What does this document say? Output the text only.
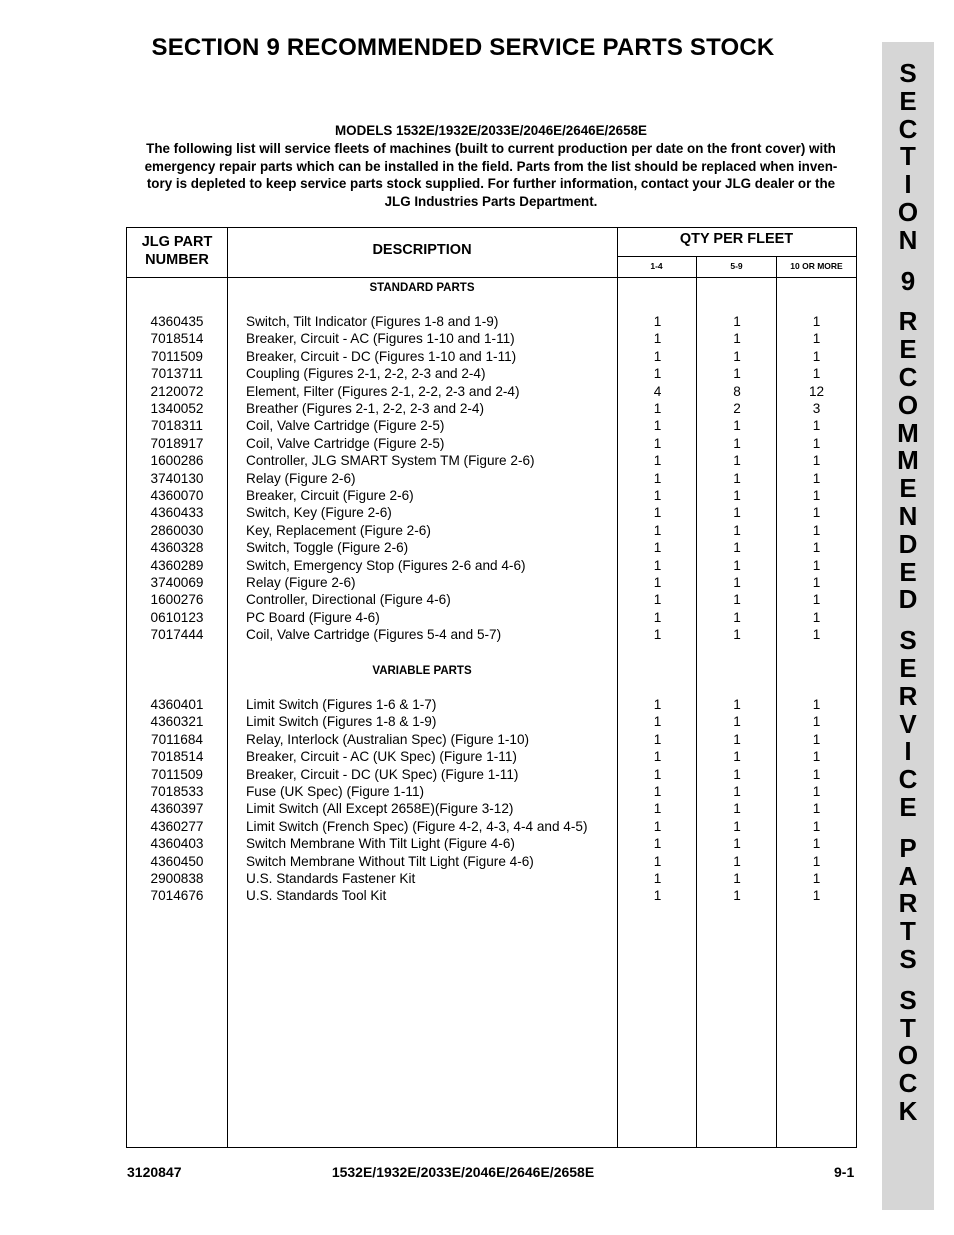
SECTION 9 RECOMMENDED SERVICE PARTS STOCK
S
E
C
T
I
O
N
9
R
E
C
O
M
M
E
N
D
E
D
S
E
R
V
I
C
E
P
A
R
T
S
S
T
O
C
K
MODELS 1532E/1932E/2033E/2046E/2646E/2658E
The following list will service fleets of machines (built to current production per date on the front cover) with
emergency repair parts which can be installed in the field. Parts from the list should be replaced when inven-
tory is depleted to keep service parts stock supplied. For further information, contact your JLG dealer or the
JLG Industries Parts Department.
JLG PART
NUMBER
DESCRIPTION
QTY PER FLEET
1-4	5-9	10 OR MORE
STANDARD PARTS
VARIABLE PARTS
4360435	Switch, Tilt Indicator (Figures 1-8 and 1-9)	1	1	1
7018514	Breaker, Circuit - AC (Figures 1-10 and 1-11)	1	1	1
7011509	Breaker, Circuit - DC (Figures 1-10 and 1-11)	1	1	1
7013711	Coupling (Figures 2-1, 2-2, 2-3 and 2-4)	1	1	1
2120072	Element, Filter (Figures 2-1, 2-2, 2-3 and 2-4)	4	8	12
1340052	Breather (Figures 2-1, 2-2, 2-3 and 2-4)	1	2	3
7018311	Coil, Valve Cartridge (Figure 2-5)	1	1	1
7018917	Coil, Valve Cartridge (Figure 2-5)	1	1	1
1600286	Controller, JLG SMART System TM (Figure 2-6)	1	1	1
3740130	Relay (Figure 2-6)	1	1	1
4360070	Breaker, Circuit (Figure 2-6)	1	1	1
4360433	Switch, Key (Figure 2-6)	1	1	1
2860030	Key, Replacement (Figure 2-6)	1	1	1
4360328	Switch, Toggle (Figure 2-6)	1	1	1
4360289	Switch, Emergency Stop (Figures 2-6 and 4-6)	1	1	1
3740069	Relay (Figure 2-6)	1	1	1
1600276	Controller, Directional (Figure 4-6)	1	1	1
0610123	PC Board (Figure 4-6)	1	1	1
7017444	Coil, Valve Cartridge (Figures 5-4 and 5-7)	1	1	1
4360401	Limit Switch (Figures 1-6 & 1-7)	1	1	1
4360321	Limit Switch (Figures 1-8 & 1-9)	1	1	1
7011684	Relay, Interlock (Australian Spec) (Figure 1-10)	1	1	1
7018514	Breaker, Circuit - AC (UK Spec) (Figure 1-11)	1	1	1
7011509	Breaker, Circuit - DC (UK Spec) (Figure 1-11)	1	1	1
7018533	Fuse (UK Spec) (Figure 1-11)	1	1	1
4360397	Limit Switch (All Except 2658E)(Figure 3-12)	1	1	1
4360277	Limit Switch (French Spec) (Figure 4-2, 4-3, 4-4 and 4-5)	1	1	1
4360403	Switch Membrane With Tilt Light (Figure 4-6)	1	1	1
4360450	Switch Membrane Without Tilt Light (Figure 4-6)	1	1	1
2900838	U.S. Standards Fastener Kit	1	1	1
7014676	U.S. Standards Tool Kit	1	1	1
3120847	1532E/1932E/2033E/2046E/2646E/2658E	9-1
